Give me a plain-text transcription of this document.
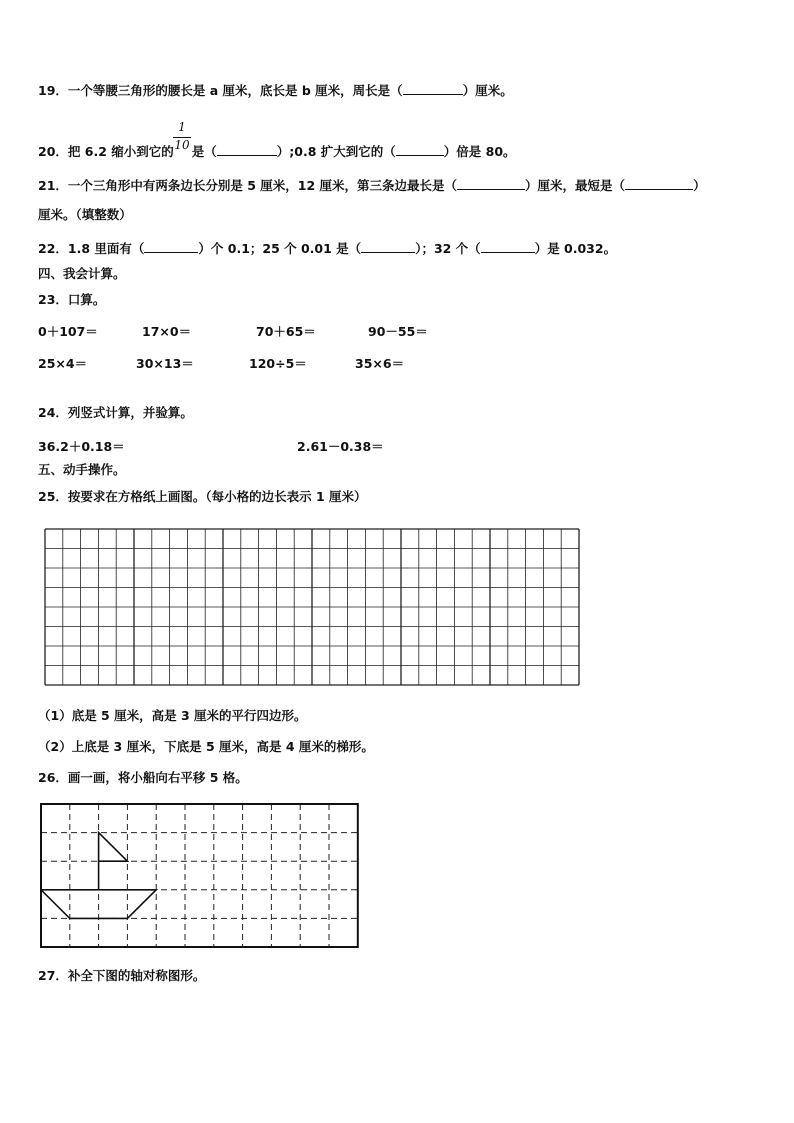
19．一个等腰三角形的腰长是 a 厘米，底长是 b 厘米，周长是（	）厘米。
1
10
20．把 6.2 缩小到它的 是（	）;0.8 扩大到它的（	）倍是 80。
21．一个三角形中有两条边长分别是 5 厘米，12 厘米，第三条边最长是（	）厘米，最短是（	）
厘米。（填整数）
22．1.8 里面有（	）个 0.1；25 个 0.01 是（	）；32 个（	）是 0.032。
四、我会计算。
23．口算。
0＋107＝	17×0＝	70＋65＝	90－55＝
25×4＝	30×13＝	120÷5＝	35×6＝
24．列竖式计算，并验算。
36.2＋0.18＝	2.61－0.38＝
五、动手操作。
25．按要求在方格纸上画图。（每小格的边长表示 1 厘米）
（1）底是 5 厘米，高是 3 厘米的平行四边形。
（2）上底是 3 厘米，下底是 5 厘米，高是 4 厘米的梯形。
26．画一画，将小船向右平移 5 格。
27．补全下图的轴对称图形。
